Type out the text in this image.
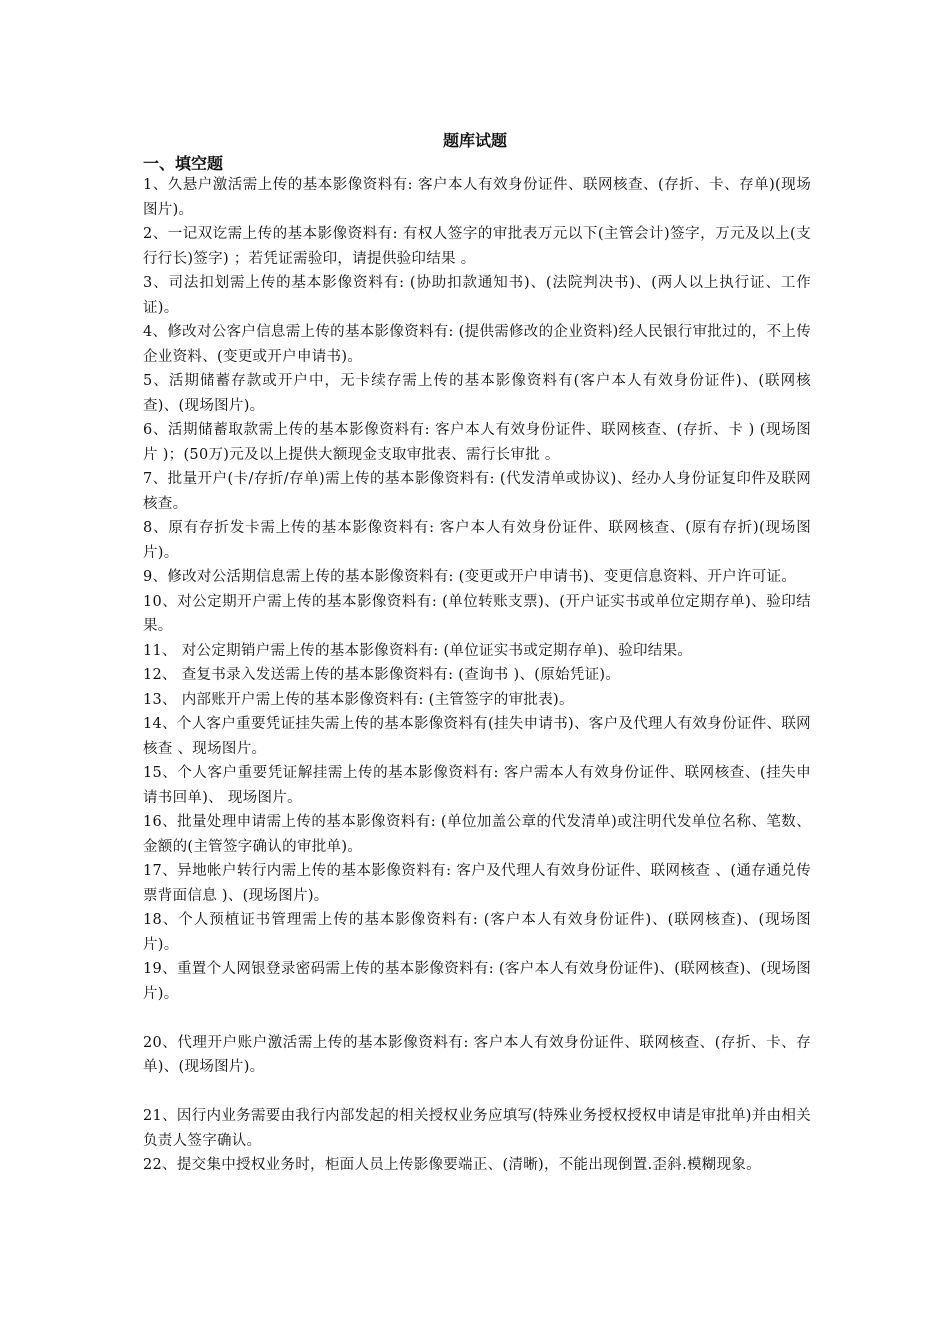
题库试题
一、填空题

1、久悬户激活需上传的基本影像资料有: 客户本人有效身份证件、联网核查、(存折、卡、存单)(现场图片)。

2、一记双讫需上传的基本影像资料有: 有权人签字的审批表万元以下(主管会计)签字，万元及以上(支行行长)签字) ；若凭证需验印，请提供验印结果 。

3、司法扣划需上传的基本影像资料有: (协助扣款通知书)、(法院判决书)、(两人以上执行证、工作证)。

4、修改对公客户信息需上传的基本影像资料有: (提供需修改的企业资料)经人民银行审批过的，不上传企业资料、(变更或开户申请书)。

5、活期储蓄存款或开户中，无卡续存需上传的基本影像资料有(客户本人有效身份证件)、(联网核查)、(现场图片)。

6、活期储蓄取款需上传的基本影像资料有: 客户本人有效身份证件、联网核查、(存折、卡 ) (现场图片 )；(50万)元及以上提供大额现金支取审批表、需行长审批 。

7、批量开户(卡/存折/存单)需上传的基本影像资料有: (代发清单或协议)、经办人身份证复印件及联网核查。

8、原有存折发卡需上传的基本影像资料有: 客户本人有效身份证件、联网核查、(原有存折)(现场图片)。

9、修改对公活期信息需上传的基本影像资料有: (变更或开户申请书)、变更信息资料、开户许可证。

10、对公定期开户需上传的基本影像资料有: (单位转账支票)、(开户证实书或单位定期存单)、验印结果。

11、 对公定期销户需上传的基本影像资料有: (单位证实书或定期存单)、验印结果。

12、 查复书录入发送需上传的基本影像资料有: (查询书 )、(原始凭证)。

13、 内部账开户需上传的基本影像资料有: (主管签字的审批表)。

14、个人客户重要凭证挂失需上传的基本影像资料有(挂失申请书)、客户及代理人有效身份证件、联网核查 、现场图片。

15、个人客户重要凭证解挂需上传的基本影像资料有: 客户需本人有效身份证件、联网核查、(挂失申请书回单)、 现场图片。

16、批量处理申请需上传的基本影像资料有: (单位加盖公章的代发清单)或注明代发单位名称、笔数、金额的(主管签字确认的审批单)。

17、异地帐户转行内需上传的基本影像资料有: 客户及代理人有效身份证件、联网核查 、(通存通兑传票背面信息 )、(现场图片)。

18、个人预植证书管理需上传的基本影像资料有: (客户本人有效身份证件)、(联网核查)、(现场图片)。

19、重置个人网银登录密码需上传的基本影像资料有: (客户本人有效身份证件)、(联网核查)、(现场图片)。

20、代理开户账户激活需上传的基本影像资料有: 客户本人有效身份证件、联网核查、(存折、卡、存单)、(现场图片)。

21、因行内业务需要由我行内部发起的相关授权业务应填写(特殊业务授权授权申请是审批单)并由相关负责人签字确认。

22、提交集中授权业务时，柜面人员上传影像要端正、(清晰)，不能出现倒置.歪斜.模糊现象。
